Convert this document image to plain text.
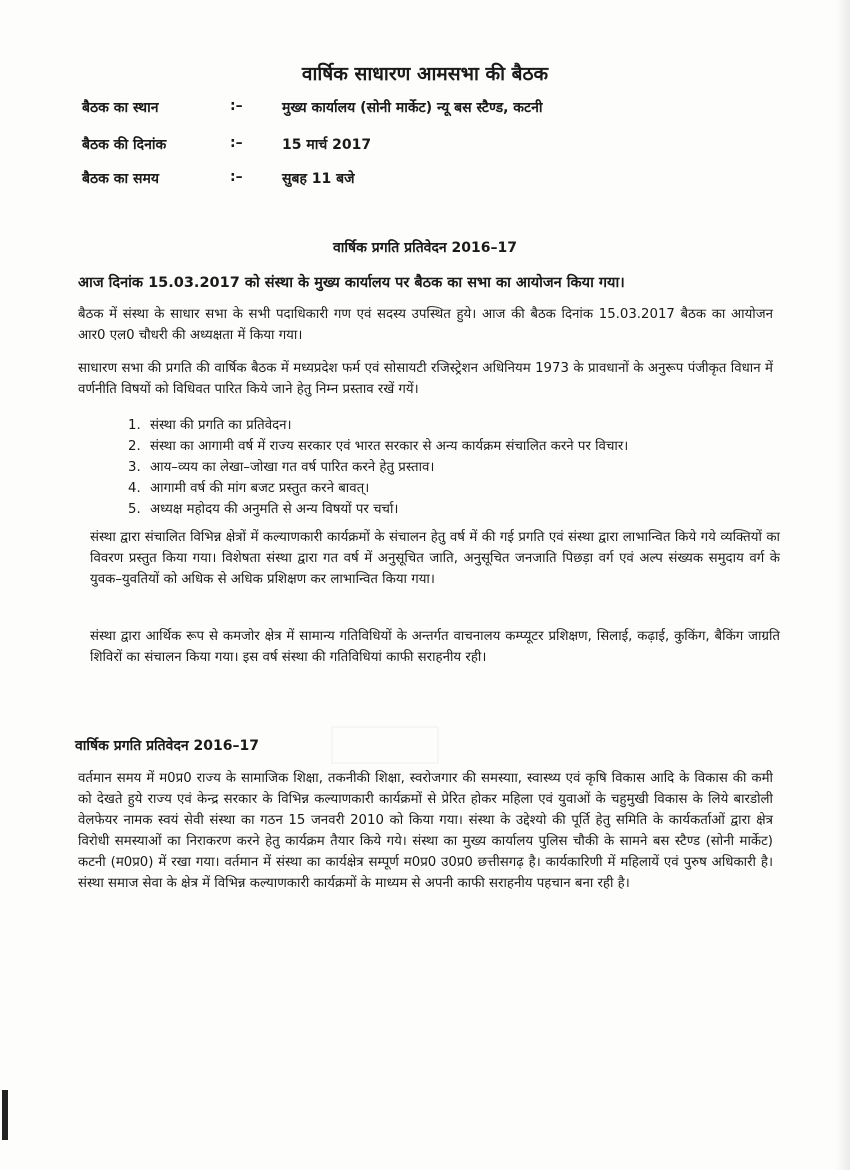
वार्षिक साधारण आमसभा की बैठक
बैठक का स्थान	:–	मुख्य कार्यालय (सोनी मार्केट) न्यू बस स्टैण्ड, कटनी
बैठक की दिनांक	:–	15 मार्च 2017
बैठक का समय	:–	सुबह 11 बजे
वार्षिक प्रगति प्रतिवेदन 2016–17
आज दिनांक 15.03.2017 को संस्था के मुख्य कार्यालय पर बैठक का सभा का आयोजन किया गया।

बैठक में संस्था के साधार सभा के सभी पदाधिकारी गण एवं सदस्य उपस्थित हुये। आज की बैठक दिनांक 15.03.2017 बैठक का आयोजन आर0 एल0 चौधरी की अध्यक्षता में किया गया।

साधारण सभा की प्रगति की वार्षिक बैठक में मध्यप्रदेश फर्म एवं सोसायटी रजिस्ट्रेशन अधिनियम 1973 के प्रावधानों के अनुरूप पंजीकृत विधान में वर्णनीति विषयों को विधिवत पारित किये जाने हेतु निम्न प्रस्ताव रखें गयें।

1. संस्था की प्रगति का प्रतिवेदन।
2. संस्था का आगामी वर्ष में राज्य सरकार एवं भारत सरकार से अन्य कार्यक्रम संचालित करने पर विचार।
3. आय–व्यय का लेखा–जोखा गत वर्ष पारित करने हेतु प्रस्ताव।
4. आगामी वर्ष की मांग बजट प्रस्तुत करने बावत्।
5. अध्यक्ष महोदय की अनुमति से अन्य विषयों पर चर्चा।

संस्था द्वारा संचालित विभिन्न क्षेत्रों में कल्याणकारी कार्यक्रमों के संचालन हेतु वर्ष में की गई प्रगति एवं संस्था द्वारा लाभान्वित किये गये व्यक्तियों का विवरण प्रस्तुत किया गया। विशेषता संस्था द्वारा गत वर्ष में अनुसूचित जाति, अनुसूचित जनजाति पिछड़ा वर्ग एवं अल्प संख्यक समुदाय वर्ग के युवक–युवतियों को अधिक से अधिक प्रशिक्षण कर लाभान्वित किया गया।

संस्था द्वारा आर्थिक रूप से कमजोर क्षेत्र में सामान्य गतिविधियों के अन्तर्गत वाचनालय कम्प्यूटर प्रशिक्षण, सिलाई, कढ़ाई, कुकिंग, बैकिंग जाग्रति शिविरों का संचालन किया गया। इस वर्ष संस्था की गतिविधियां काफी सराहनीय रही।

वार्षिक प्रगति प्रतिवेदन 2016–17

वर्तमान समय में म0प्र0 राज्य के सामाजिक शिक्षा, तकनीकी शिक्षा, स्वरोजगार की समस्याा, स्वास्थ्य एवं कृषि विकास आदि के विकास की कमी को देखते हुये राज्य एवं केन्द्र सरकार के विभिन्न कल्याणकारी कार्यक्रमों से प्रेरित होकर महिला एवं युवाओं के चहुमुखी विकास के लिये बारडोली वेलफेयर नामक स्वयं सेवी संस्था का गठन 15 जनवरी 2010 को किया गया। संस्था के उद्देश्यो की पूर्ति हेतु समिति के कार्यकर्ताओं द्वारा क्षेत्र विरोधी समस्याओं का निराकरण करने हेतु कार्यक्रम तैयार किये गये। संस्था का मुख्य कार्यालय पुलिस चौकी के सामने बस स्टैण्ड (सोनी मार्केट) कटनी (म0प्र0) में रखा गया। वर्तमान में संस्था का कार्यक्षेत्र सम्पूर्ण म0प्र0 उ0प्र0 छत्तीसगढ़ है। कार्यकारिणी में महिलायें एवं पुरुष अधिकारी है। संस्था समाज सेवा के क्षेत्र में विभिन्न कल्याणकारी कार्यक्रमों के माध्यम से अपनी काफी सराहनीय पहचान बना रही है।
